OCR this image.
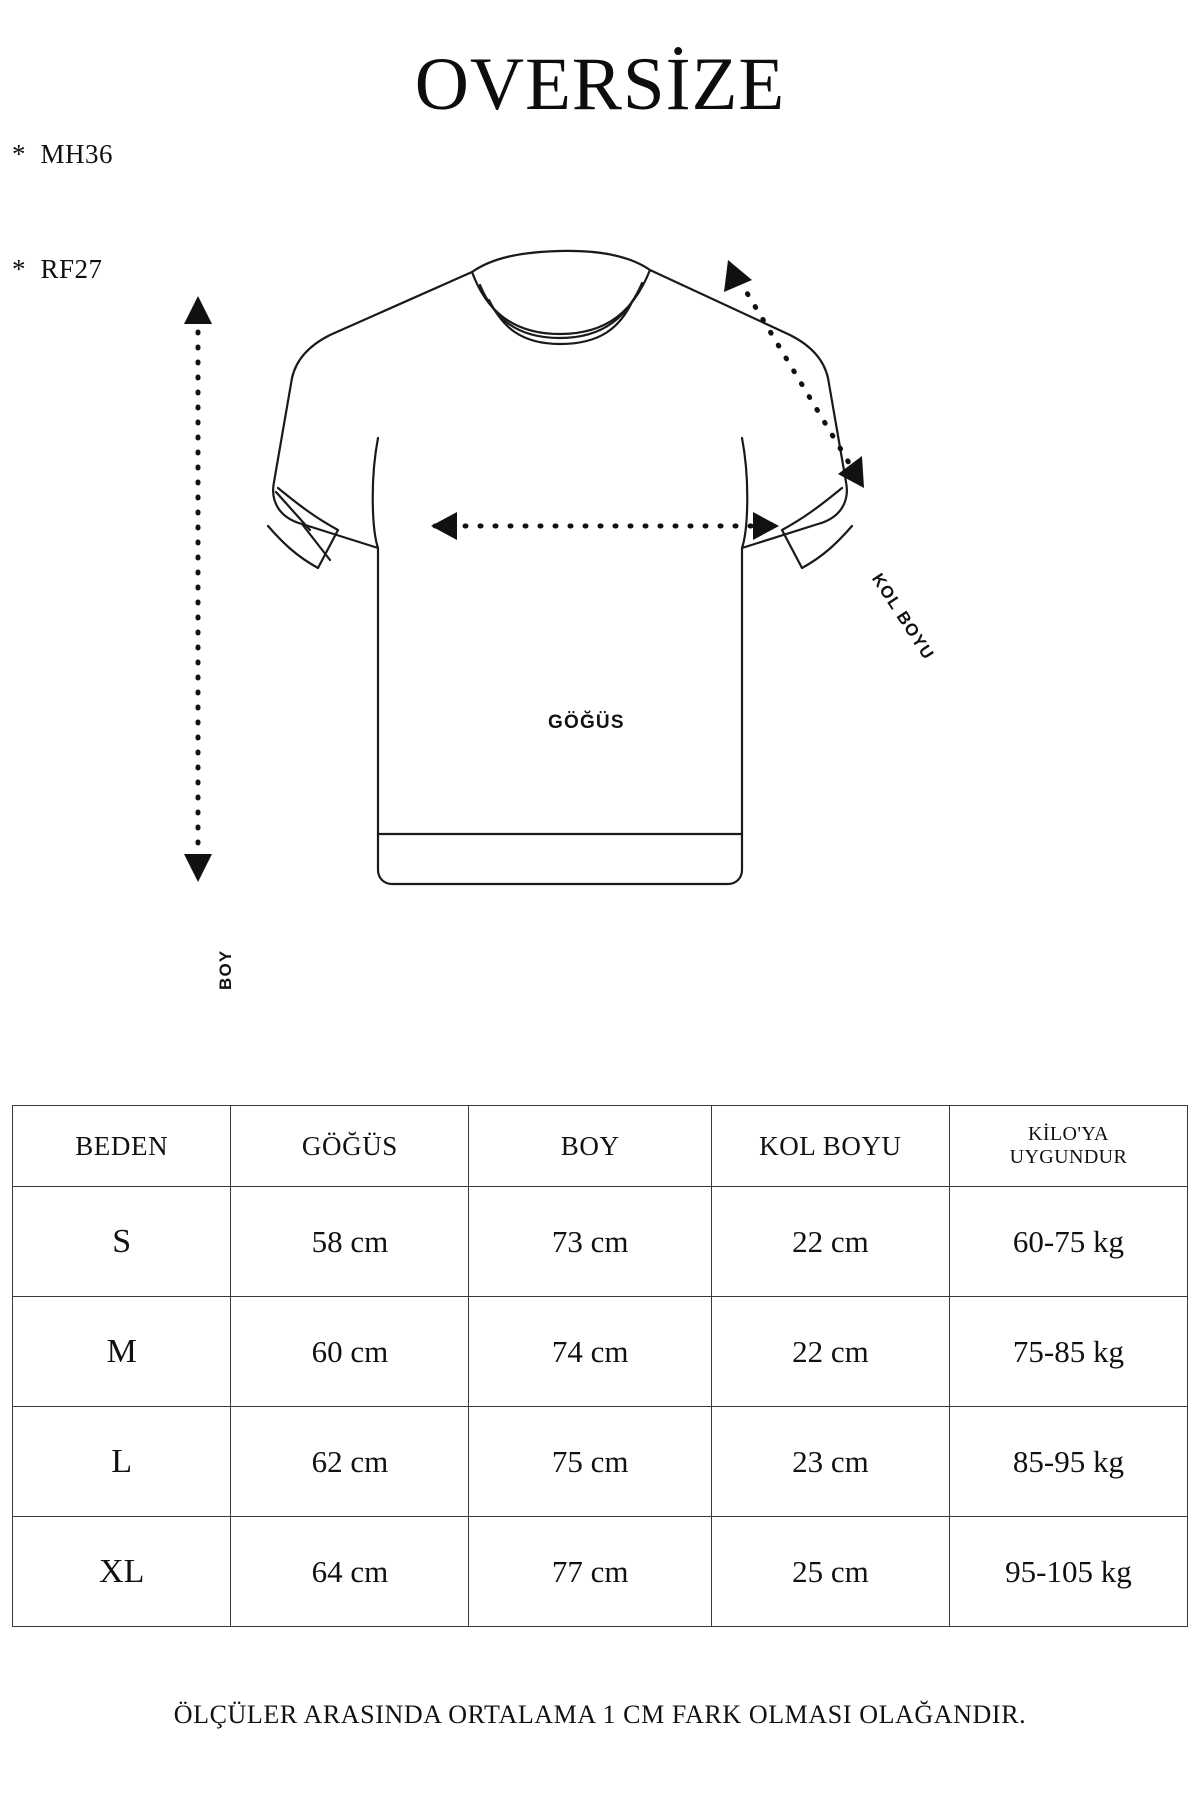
*  MH36

*  RF27

OVERSİZE
GÖĞÜS
BOY
KOL BOYU
BEDEN	GÖĞÜS	BOY	KOL BOYU	KİLO'YA
UYGUNDUR

S	58 cm	73 cm	22 cm	60-75 kg
M	60 cm	74 cm	22 cm	75-85 kg
L	62 cm	75 cm	23 cm	85-95 kg
XL	64 cm	77 cm	25 cm	95-105 kg
ÖLÇÜLER ARASINDA ORTALAMA 1 CM FARK OLMASI OLAĞANDIR.
